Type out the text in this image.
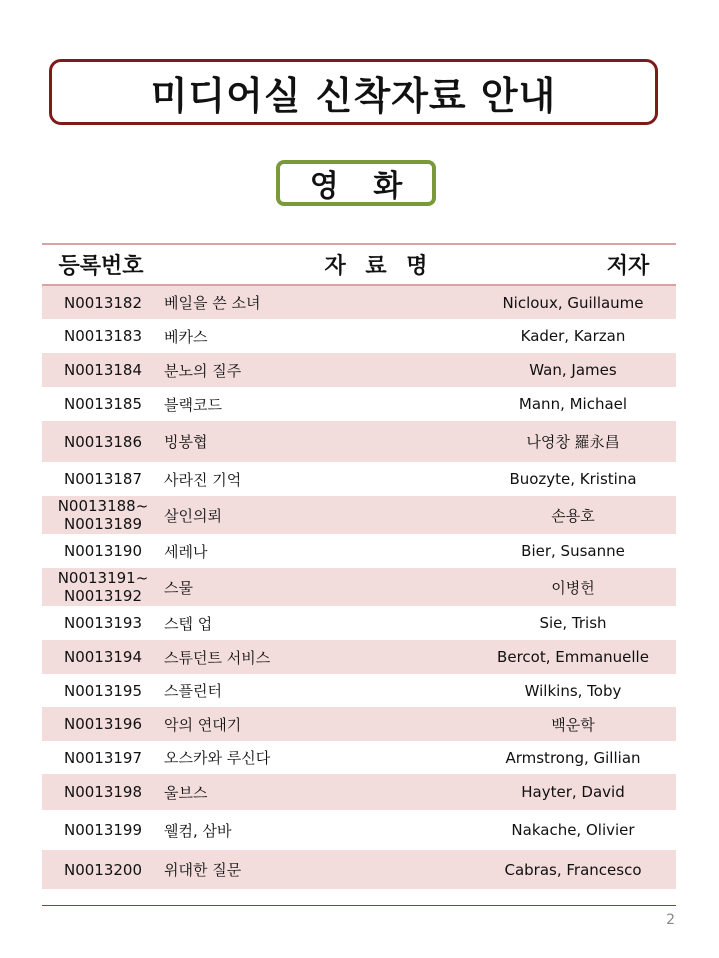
미디어실 신착자료 안내
영 화
등록번호	자 료 명	저자
N0013182	베일을 쓴 소녀	Nicloux, Guillaume
N0013183	베카스	Kader, Karzan
N0013184	분노의 질주	Wan, James
N0013185	블랙코드	Mann, Michael
N0013186	빙봉협	나영창 羅永昌
N0013187	사라진 기억	Buozyte, Kristina
N0013188~
N0013189	살인의뢰	손용호
N0013190	세레나	Bier, Susanne
N0013191~
N0013192	스물	이병헌
N0013193	스텝 업	Sie, Trish
N0013194	스튜던트 서비스	Bercot, Emmanuelle
N0013195	스플린터	Wilkins, Toby
N0013196	악의 연대기	백운학
N0013197	오스카와 루신다	Armstrong, Gillian
N0013198	울브스	Hayter, David
N0013199	웰컴, 삼바	Nakache, Olivier
N0013200	위대한 질문	Cabras, Francesco
2
